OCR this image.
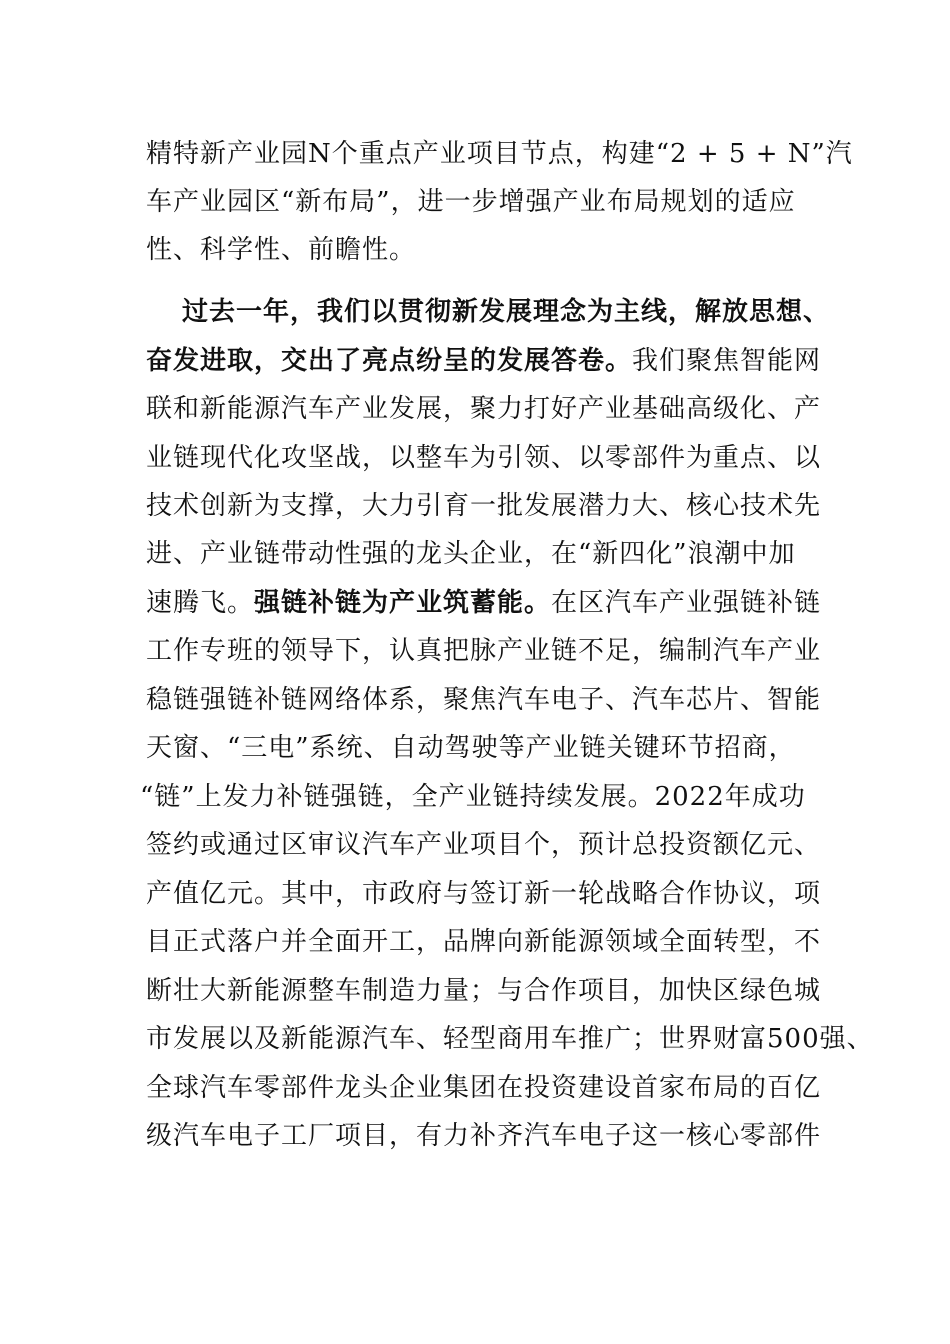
精特新产业园N个重点产业项目节点，构建“2 + 5 + N”汽
车产业园区“新布局”，进一步增强产业布局规划的适应
性、科学性、前瞻性。
过去一年，我们以贯彻新发展理念为主线，解放思想、
奋发进取，交出了亮点纷呈的发展答卷。我们聚焦智能网
联和新能源汽车产业发展，聚力打好产业基础高级化、产
业链现代化攻坚战，以整车为引领、以零部件为重点、以
技术创新为支撑，大力引育一批发展潜力大、核心技术先
进、产业链带动性强的龙头企业，在“新四化”浪潮中加
速腾飞。强链补链为产业筑蓄能。在区汽车产业强链补链
工作专班的领导下，认真把脉产业链不足，编制汽车产业
稳链强链补链网络体系，聚焦汽车电子、汽车芯片、智能
天窗、“三电”系统、自动驾驶等产业链关键环节招商，
“链”上发力补链强链，全产业链持续发展。2022年成功
签约或通过区审议汽车产业项目个，预计总投资额亿元、
产值亿元。其中，市政府与签订新一轮战略合作协议，项
目正式落户并全面开工，品牌向新能源领域全面转型，不
断壮大新能源整车制造力量；与合作项目，加快区绿色城
市发展以及新能源汽车、轻型商用车推广；世界财富500强、
全球汽车零部件龙头企业集团在投资建设首家布局的百亿
级汽车电子工厂项目，有力补齐汽车电子这一核心零部件
